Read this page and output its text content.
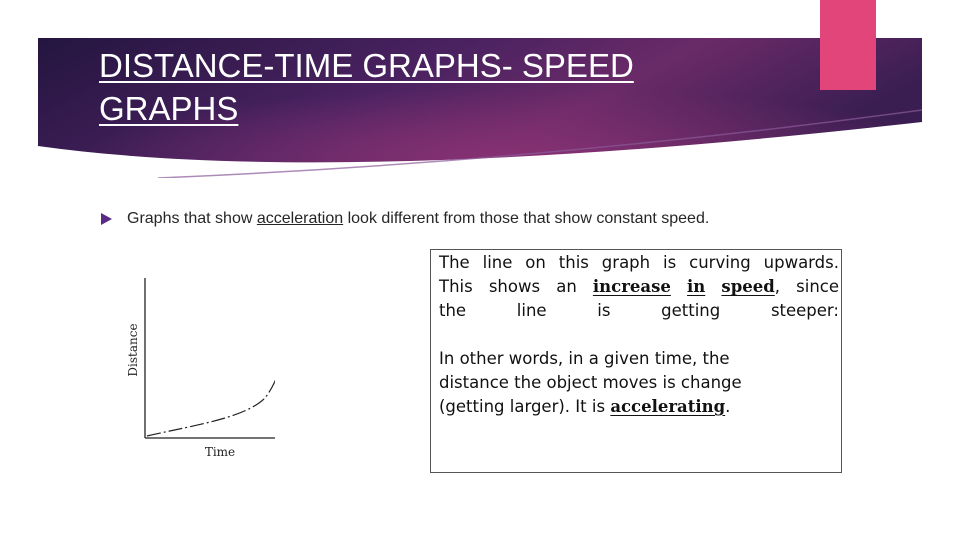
DISTANCE-TIME GRAPHS- SPEED GRAPHS

Graphs that show acceleration look different from those that show constant speed.

Distance
Time

The line on this graph is curving upwards.
This shows an increase in speed, since
the line is getting steeper:

In other words, in a given time, the
distance the object moves is change
(getting larger). It is accelerating.
